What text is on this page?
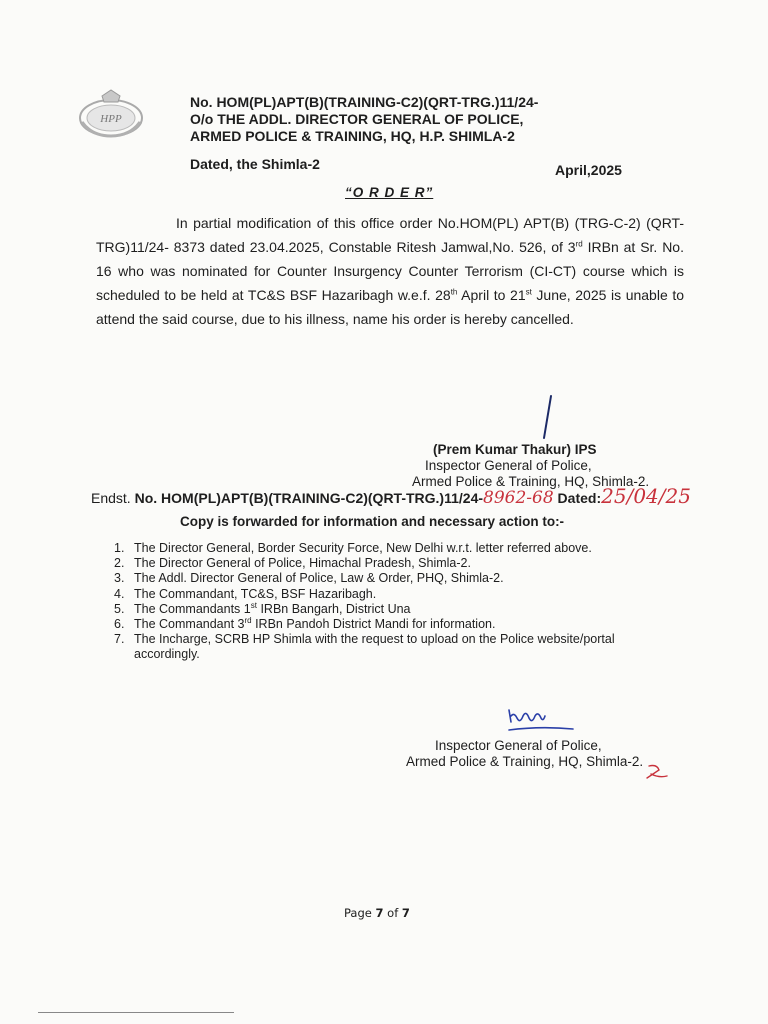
HPP
No. HOM(PL)APT(B)(TRAINING-C2)(QRT-TRG.)11/24-
O/o THE ADDL. DIRECTOR GENERAL OF POLICE,
ARMED POLICE & TRAINING, HQ, H.P. SHIMLA-2
Dated, the Shimla-2	April,2025
“O R D E R”
In partial modification of this office order No.HOM(PL) APT(B) (TRG-C-2) (QRT-TRG)11/24- 8373 dated 23.04.2025, Constable Ritesh Jamwal,No. 526, of 3rd IRBn at Sr. No. 16 who was nominated for Counter Insurgency Counter Terrorism (CI-CT) course which is scheduled to be held at TC&S BSF Hazaribagh w.e.f. 28th April to 21st June, 2025 is unable to attend the said course, due to his illness, name his order is hereby cancelled.
(Prem Kumar Thakur) IPS
Inspector General of Police,
Armed Police & Training, HQ, Shimla-2.
Endst. No. HOM(PL)APT(B)(TRAINING-C2)(QRT-TRG.)11/24-8962-68 Dated:25/04/25
Copy is forwarded for information and necessary action to:-
1. The Director General, Border Security Force, New Delhi w.r.t. letter referred above.
2. The Director General of Police, Himachal Pradesh, Shimla-2.
3. The Addl. Director General of Police, Law & Order, PHQ, Shimla-2.
4. The Commandant, TC&S, BSF Hazaribagh.
5. The Commandants 1st IRBn Bangarh, District Una
6. The Commandant 3rd IRBn Pandoh District Mandi for information.
7. The Incharge, SCRB HP Shimla with the request to upload on the Police website/portal accordingly.
Inspector General of Police,
Armed Police & Training, HQ, Shimla-2.
Page 7 of 7
